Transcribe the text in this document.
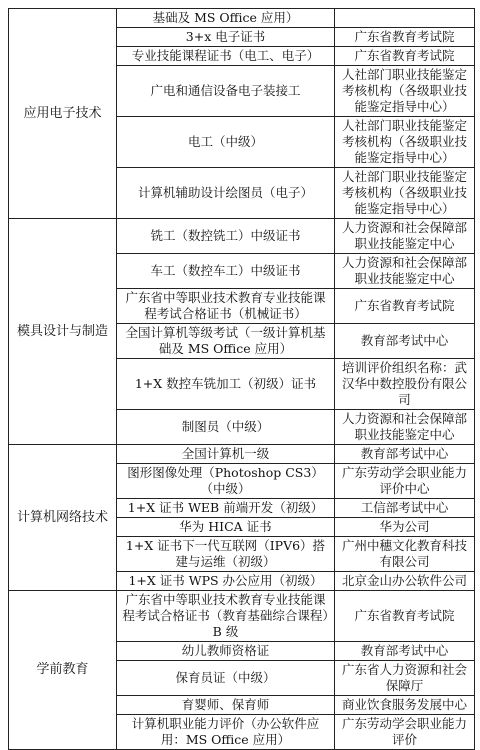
应用电子技术	基础及 MS Office 应用）	
	3+x 电子证书	广东省教育考试院
	专业技能课程证书（电工、电子）	广东省教育考试院
	广电和通信设备电子装接工	人社部门职业技能鉴定考核机构（各级职业技能鉴定指导中心）
	电工（中级）	人社部门职业技能鉴定考核机构（各级职业技能鉴定指导中心）
	计算机辅助设计绘图员（电子）	人社部门职业技能鉴定考核机构（各级职业技能鉴定指导中心）
模具设计与制造	铣工（数控铣工）中级证书	人力资源和社会保障部职业技能鉴定中心
	车工（数控车工）中级证书	人力资源和社会保障部职业技能鉴定中心
	广东省中等职业技术教育专业技能课程考试合格证书（机械证书）	广东省教育考试院
	全国计算机等级考试（一级计算机基础及 MS Office 应用）	教育部考试中心
	1+X 数控车铣加工（初级）证书	培训评价组织名称：武汉华中数控股份有限公司
	制图员（中级）	人力资源和社会保障部职业技能鉴定中心
计算机网络技术	全国计算机一级	教育部考试中心
	图形图像处理（Photoshop CS3）（中级）	广东劳动学会职业能力评价中心
	1+X 证书 WEB 前端开发（初级）	工信部考试中心
	华为 HICA 证书	华为公司
	1+X 证书下一代互联网（IPV6）搭建与运维（初级）	广州中穗文化教育科技有限公司
	1+X 证书 WPS 办公应用（初级）	北京金山办公软件公司
学前教育	广东省中等职业技术教育专业技能课程考试合格证书（教育基础综合课程）B 级	广东省教育考试院
	幼儿教师资格证	教育部考试中心
	保育员证（中级）	广东省人力资源和社会保障厅
	育婴师、保育师	商业饮食服务发展中心
	计算机职业能力评价（办公软件应用：MS Office 应用）	广东劳动学会职业能力评价
